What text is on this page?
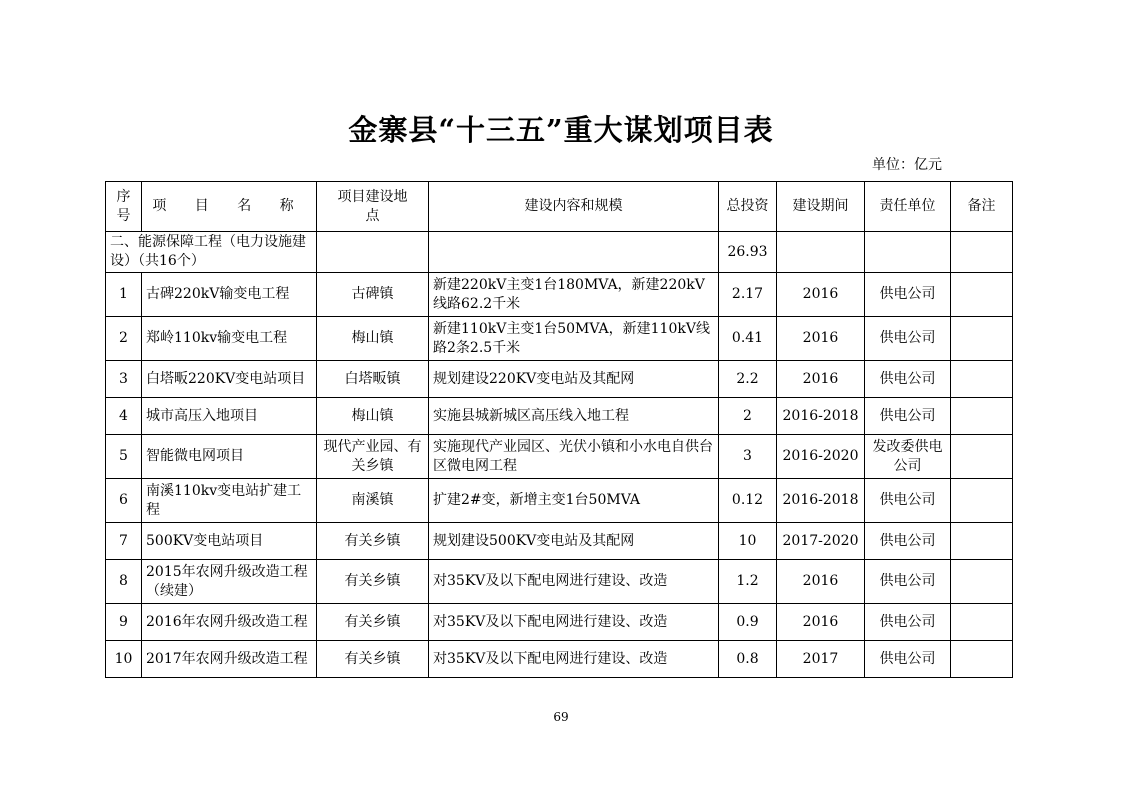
金寨县“十三五”重大谋划项目表
单位：亿元
序号	项 目 名 称	项目建设地点	建设内容和规模	总投资	建设期间	责任单位	备注
二、能源保障工程（电力设施建设）（共16个）				26.93			
1	古碑220kV输变电工程	古碑镇	新建220kV主变1台180MVA，新建220kV线路62.2千米	2.17	2016	供电公司	
2	郑岭110kv输变电工程	梅山镇	新建110kV主变1台50MVA，新建110kV线路2条2.5千米	0.41	2016	供电公司	
3	白塔畈220KV变电站项目	白塔畈镇	规划建设220KV变电站及其配网	2.2	2016	供电公司	
4	城市高压入地项目	梅山镇	实施县城新城区高压线入地工程	2	2016-2018	供电公司	
5	智能微电网项目	现代产业园、有关乡镇	实施现代产业园区、光伏小镇和小水电自供台区微电网工程	3	2016-2020	发改委供电公司	
6	南溪110kv变电站扩建工程	南溪镇	扩建2#变，新增主变1台50MVA	0.12	2016-2018	供电公司	
7	500KV变电站项目	有关乡镇	规划建设500KV变电站及其配网	10	2017-2020	供电公司	
8	2015年农网升级改造工程（续建）	有关乡镇	对35KV及以下配电网进行建设、改造	1.2	2016	供电公司	
9	2016年农网升级改造工程	有关乡镇	对35KV及以下配电网进行建设、改造	0.9	2016	供电公司	
10	2017年农网升级改造工程	有关乡镇	对35KV及以下配电网进行建设、改造	0.8	2017	供电公司	
69
